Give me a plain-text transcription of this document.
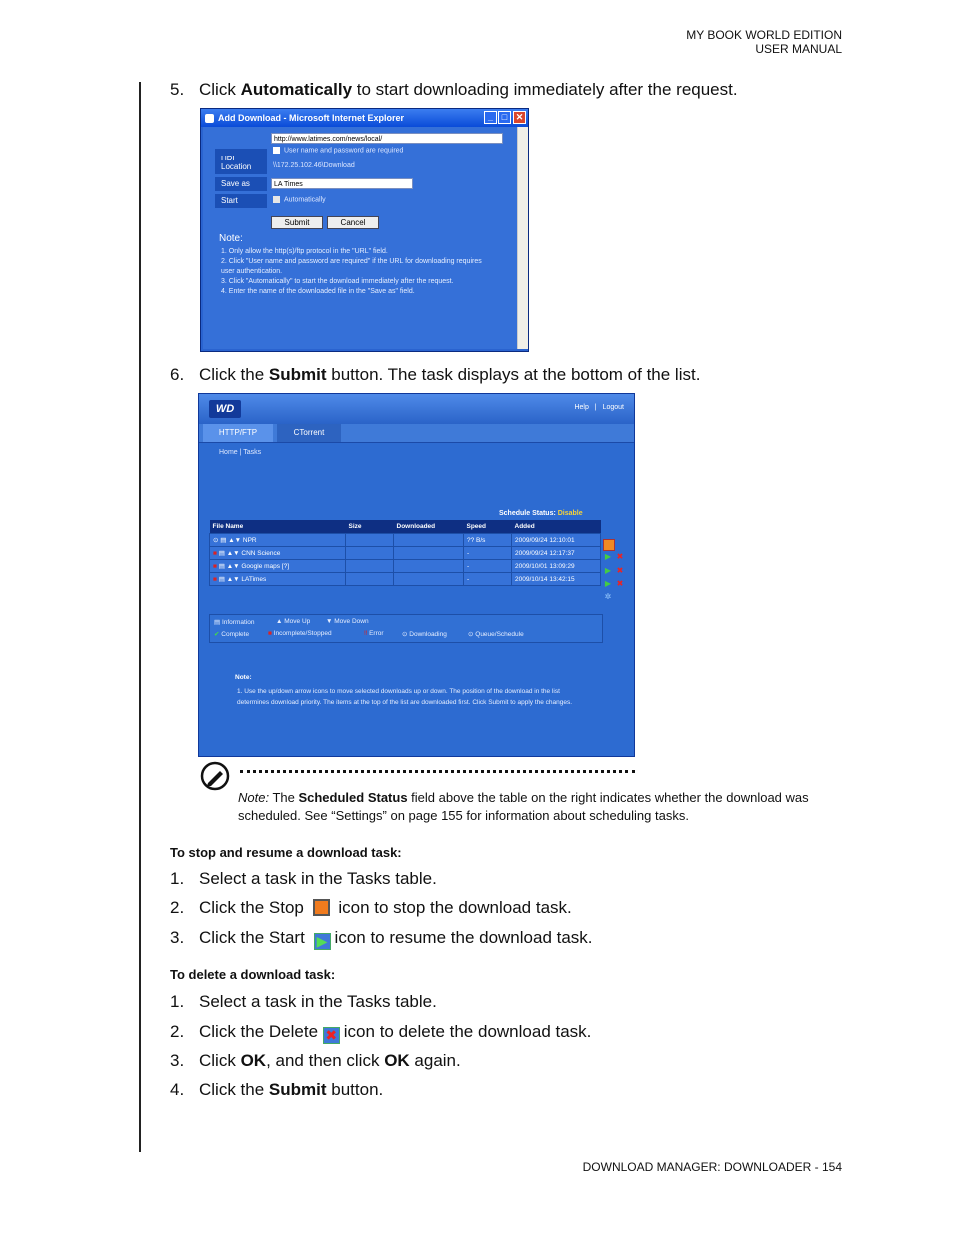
MY BOOK WORLD EDITION
USER MANUAL
5. Click Automatically to start downloading immediately after the request.
Add Download - Microsoft Internet Explorer	_ □ ✕
http://www.latimes.com/news/local/
User name and password are required
Location	\\172.25.102.46\Download
Save as	LA Times
Start	Automatically
Submit	Cancel
Note:
1. Only allow the http(s)/ftp protocol in the "URL" field.
2. Click "User name and password are required" if the URL for downloading requires user authentication.
3. Click "Automatically" to start the download immediately after the request.
4. Enter the name of the downloaded file in the "Save as" field.
6. Click the Submit button. The task displays at the bottom of the list.
WD	Help | Logout
HTTP/FTP	CTorrent
Home | Tasks
Schedule Status: Disable
File Name	Size	Downloaded	Speed	Added
⊙ ▤ ▲▼ NPR			?? B/s	2009/09/24 12:10:01
■ ▤ ▲▼ CNN Science			-	2009/09/24 12:17:37
■ ▤ ▲▼ Google maps [?]			-	2009/10/01 13:09:29
■ ▤ ▲▼ LATimes			-	2009/10/14 13:42:15
▶ ✖
▶ ✖
▶ ✖
✲
▤ Information	▲ Move Up ▼ Move Down
✔ Complete	■ Incomplete/Stopped	‼ Error	⊙ Downloading	⊙ Queue/Schedule
Note:
1. Use the up/down arrow icons to move selected downloads up or down. The position of the download in the list determines download priority. The items at the top of the list are downloaded first. Click Submit to apply the changes.
Note: The Scheduled Status field above the table on the right indicates whether the download was scheduled. See “Settings” on page 155 for information about scheduling tasks.
To stop and resume a download task:
1. Select a task in the Tasks table.
2. Click the Stop  icon to stop the download task.
3. Click the Start ▶ icon to resume the download task.
To delete a download task:
1. Select a task in the Tasks table.
2. Click the Delete ✖ icon to delete the download task.
3. Click OK, and then click OK again.
4. Click the Submit button.
DOWNLOAD MANAGER: DOWNLOADER - 154
